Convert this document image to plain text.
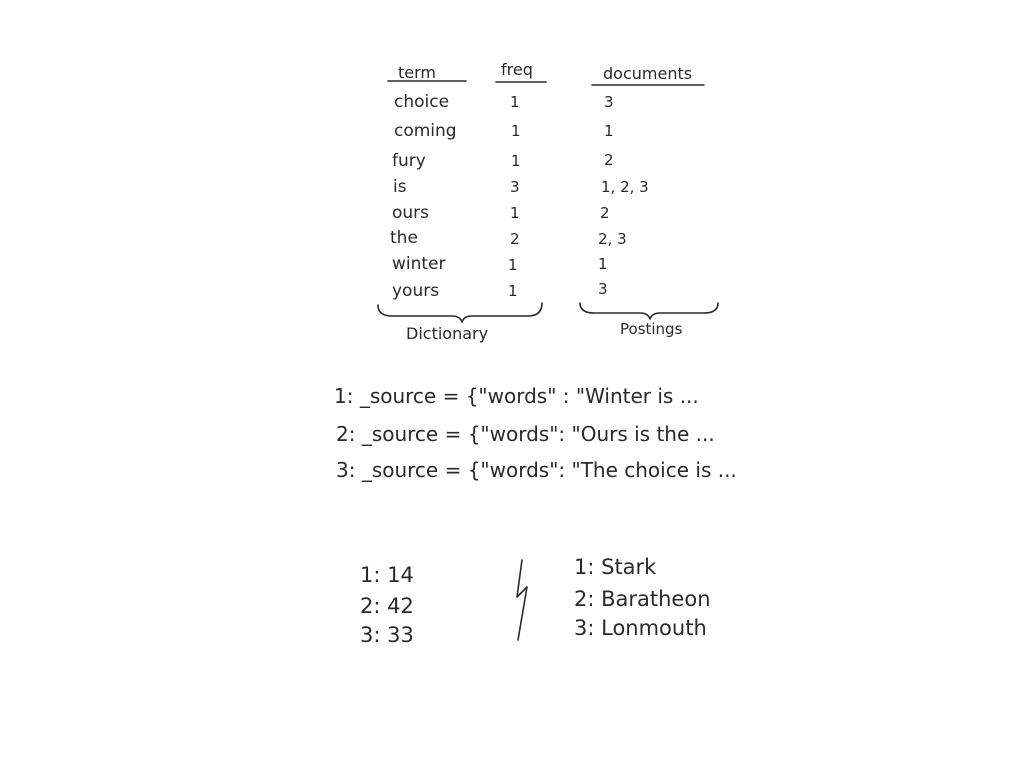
term	freq	documents
choice	1	3
coming	1	1
fury	1	2
is	3	1, 2, 3
ours	1	2
the	2	2, 3
winter	1	1
yours	1	3
Dictionary	Postings
1: _source = {"words" : "Winter is ...
2: _source = {"words": "Ours is the ...
3: _source = {"words": "The choice is ...
1: 14
2: 42
3: 33
1: Stark
2: Baratheon
3: Lonmouth
